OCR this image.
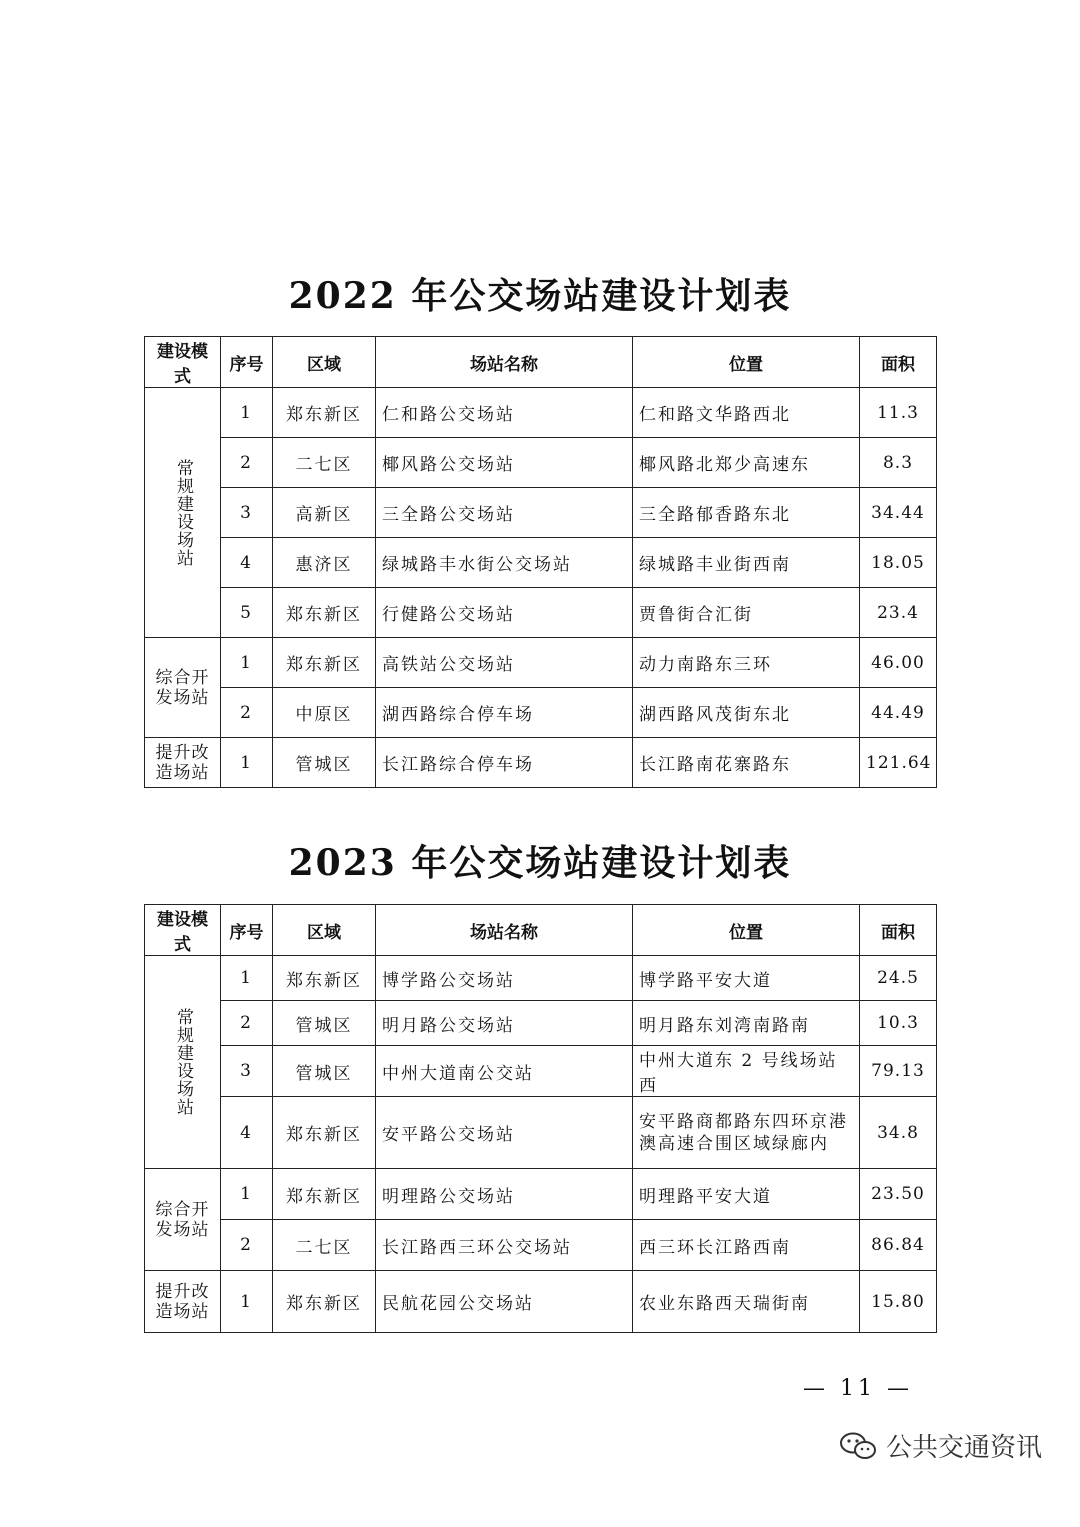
2022 年公交场站建设计划表
建设模式	序号	区域	场站名称	位置	面积
常规建设场站	1	郑东新区	仁和路公交场站	仁和路文华路西北	11.3
	2	二七区	椰风路公交场站	椰风路北郑少高速东	8.3
	3	高新区	三全路公交场站	三全路郁香路东北	34.44
	4	惠济区	绿城路丰水街公交场站	绿城路丰业街西南	18.05
	5	郑东新区	行健路公交场站	贾鲁街合汇街	23.4
综合开发场站	1	郑东新区	高铁站公交场站	动力南路东三环	46.00
	2	中原区	湖西路综合停车场	湖西路风茂街东北	44.49
提升改造场站	1	管城区	长江路综合停车场	长江路南花寨路东	121.64
2023 年公交场站建设计划表
建设模式	序号	区域	场站名称	位置	面积
常规建设场站	1	郑东新区	博学路公交场站	博学路平安大道	24.5
	2	管城区	明月路公交场站	明月路东刘湾南路南	10.3
	3	管城区	中州大道南公交站	中州大道东 2 号线场站西	79.13
	4	郑东新区	安平路公交场站	安平路商都路东四环京港澳高速合围区域绿廊内	34.8
综合开发场站	1	郑东新区	明理路公交场站	明理路平安大道	23.50
	2	二七区	长江路西三环公交场站	西三环长江路西南	86.84
提升改造场站	1	郑东新区	民航花园公交场站	农业东路西天瑞街南	15.80
— 11 —
公共交通资讯
